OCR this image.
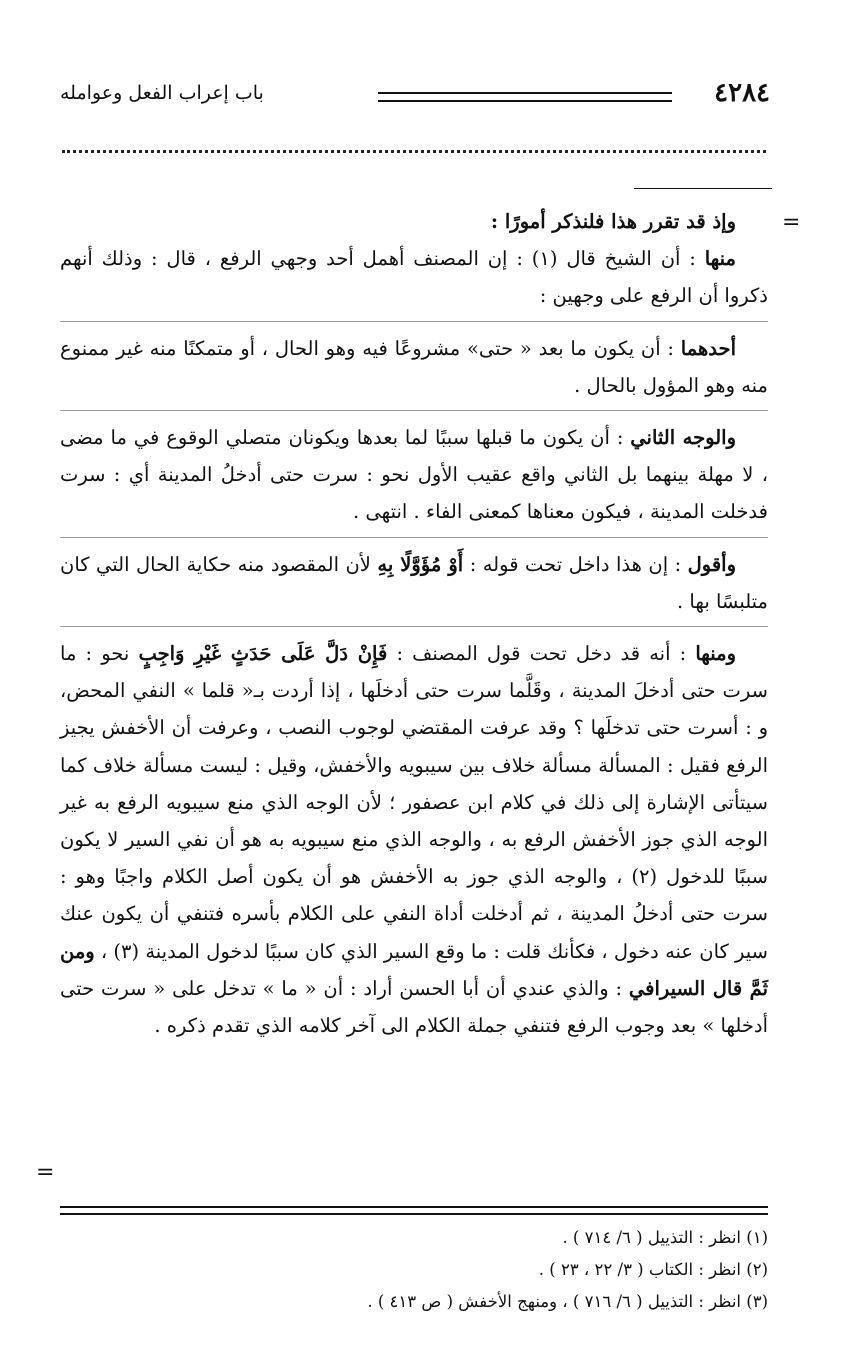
٤٢٨٤
باب إعراب الفعل وعوامله
=

وإذ قد تقرر هذا فلنذكر أمورًا :

منها : أن الشيخ قال (١) : إن المصنف أهمل أحد وجهي الرفع ، قال : وذلك أنهم ذكروا أن الرفع على وجهين :

أحدهما : أن يكون ما بعد « حتى» مشروعًا فيه وهو الحال ، أو متمكنًا منه غير ممنوع منه وهو المؤول بالحال .

والوجه الثاني : أن يكون ما قبلها سببًا لما بعدها ويكونان متصلي الوقوع في ما مضى ، لا مهلة بينهما بل الثاني واقع عقيب الأول نحو : سرت حتى أدخلُ المدينة أي : سرت فدخلت المدينة ، فيكون معناها كمعنى الفاء . انتهى .

وأقول : إن هذا داخل تحت قوله : أَوْ مُؤَوَّلًا بِهِ لأن المقصود منه حكاية الحال التي كان متلبسًا بها .

ومنها : أنه قد دخل تحت قول المصنف : فَإِنْ دَلَّ عَلَى حَدَثٍ غَيْرِ وَاجِبٍ نحو : ما سرت حتى أدخلَ المدينة ، وقَلَّما سرت حتى أدخلَها ، إذا أردت بـ« قلما » النفي المحض، و : أسرت حتى تدخلَها ؟ وقد عرفت المقتضي لوجوب النصب ، وعرفت أن الأخفش يجيز الرفع فقيل : المسألة مسألة خلاف بين سيبويه والأخفش، وقيل : ليست مسألة خلاف كما سيتأتى الإشارة إلى ذلك في كلام ابن عصفور ؛ لأن الوجه الذي منع سيبويه الرفع به غير الوجه الذي جوز الأخفش الرفع به ، والوجه الذي منع سيبويه به هو أن نفي السير لا يكون سببًا للدخول (٢) ، والوجه الذي جوز به الأخفش هو أن يكون أصل الكلام واجبًا وهو : سرت حتى أدخلُ المدينة ، ثم أدخلت أداة النفي على الكلام بأسره فتنفي أن يكون عنك سير كان عنه دخول ، فكأنك قلت : ما وقع السير الذي كان سببًا لدخول المدينة (٣) ، ومن ثَمَّ قال السيرافي : والذي عندي أن أبا الحسن أراد : أن « ما » تدخل على « سرت حتى أدخلها » بعد وجوب الرفع فتنفي جملة الكلام الى آخر كلامه الذي تقدم ذكره .

=

(١) انظر : التذييل ( ٦/ ٧١٤ ) .

(٢) انظر : الكتاب ( ٣/ ٢٢ ، ٢٣ ) .

(٣) انظر : التذييل ( ٦/ ٧١٦ ) ، ومنهج الأخفش ( ص ٤١٣ ) .
